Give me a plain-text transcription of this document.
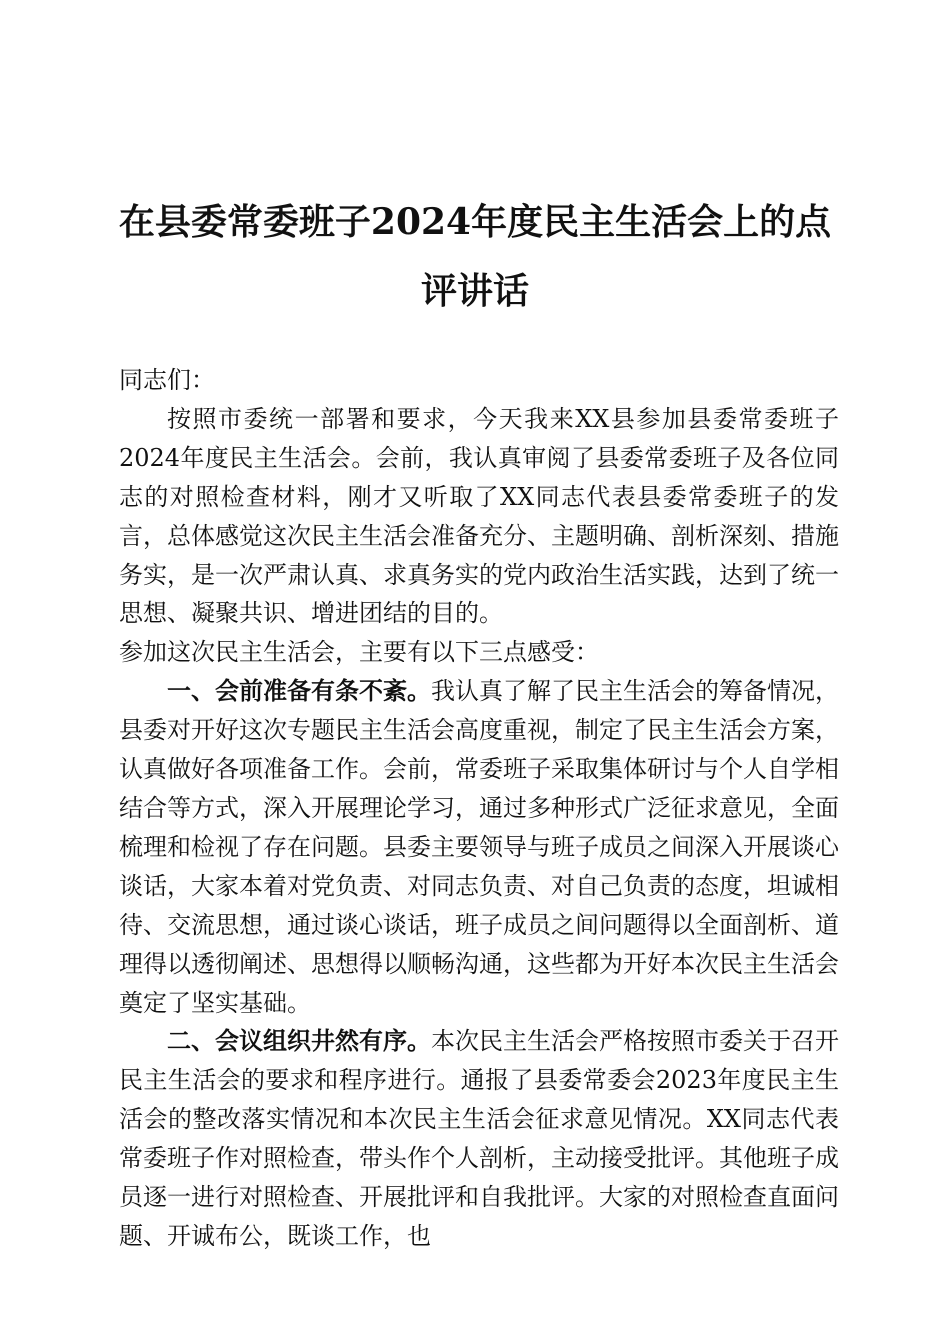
在县委常委班子2024年度民主生活会上的点
评讲话

同志们：

按照市委统一部署和要求，今天我来XX县参加县委常委班子2024年度民主生活会。会前，我认真审阅了县委常委班子及各位同志的对照检查材料，刚才又听取了XX同志代表县委常委班子的发言，总体感觉这次民主生活会准备充分、主题明确、剖析深刻、措施务实，是一次严肃认真、求真务实的党内政治生活实践，达到了统一思想、凝聚共识、增进团结的目的。

参加这次民主生活会，主要有以下三点感受：

一、会前准备有条不紊。我认真了解了民主生活会的筹备情况，县委对开好这次专题民主生活会高度重视，制定了民主生活会方案，认真做好各项准备工作。会前，常委班子采取集体研讨与个人自学相结合等方式，深入开展理论学习，通过多种形式广泛征求意见，全面梳理和检视了存在问题。县委主要领导与班子成员之间深入开展谈心谈话，大家本着对党负责、对同志负责、对自己负责的态度，坦诚相待、交流思想，通过谈心谈话，班子成员之间问题得以全面剖析、道理得以透彻阐述、思想得以顺畅沟通，这些都为开好本次民主生活会奠定了坚实基础。

二、会议组织井然有序。本次民主生活会严格按照市委关于召开民主生活会的要求和程序进行。通报了县委常委会2023年度民主生活会的整改落实情况和本次民主生活会征求意见情况。XX同志代表常委班子作对照检查，带头作个人剖析，主动接受批评。其他班子成员逐一进行对照检查、开展批评和自我批评。大家的对照检查直面问题、开诚布公，既谈工作，也
